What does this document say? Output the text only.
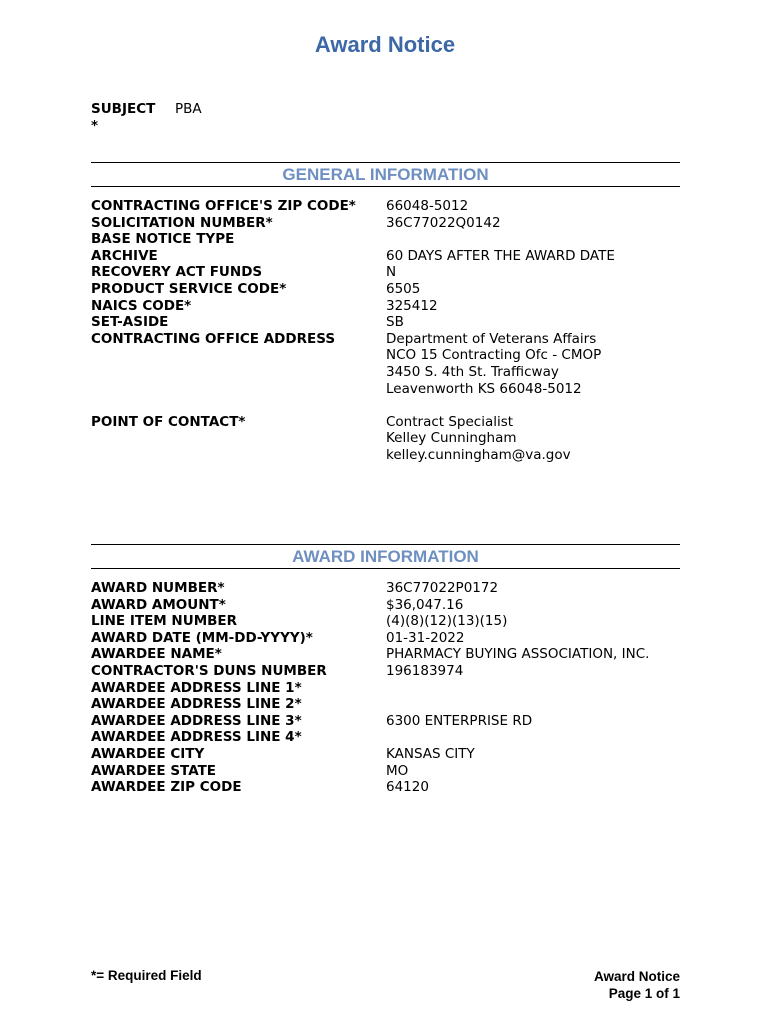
Award Notice
SUBJECT PBA
*
GENERAL INFORMATION
CONTRACTING OFFICE'S ZIP CODE*	66048-5012
SOLICITATION NUMBER*	36C77022Q0142
BASE NOTICE TYPE
ARCHIVE	60 DAYS AFTER THE AWARD DATE
RECOVERY ACT FUNDS	N
PRODUCT SERVICE CODE*	6505
NAICS CODE*	325412
SET-ASIDE	SB
CONTRACTING OFFICE ADDRESS	Department of Veterans Affairs
NCO 15 Contracting Ofc - CMOP
3450 S. 4th St. Trafficway
Leavenworth KS 66048-5012
POINT OF CONTACT*	Contract Specialist
Kelley Cunningham
kelley.cunningham@va.gov
AWARD INFORMATION
AWARD NUMBER*	36C77022P0172
AWARD AMOUNT*	$36,047.16
LINE ITEM NUMBER	(4)(8)(12)(13)(15)
AWARD DATE (MM-DD-YYYY)*	01-31-2022
AWARDEE NAME*	PHARMACY BUYING ASSOCIATION, INC.
CONTRACTOR'S DUNS NUMBER	196183974
AWARDEE ADDRESS LINE 1*
AWARDEE ADDRESS LINE 2*
AWARDEE ADDRESS LINE 3*	6300 ENTERPRISE RD
AWARDEE ADDRESS LINE 4*
AWARDEE CITY	KANSAS CITY
AWARDEE STATE	MO
AWARDEE ZIP CODE	64120
*= Required Field	Award Notice
Page 1 of 1
